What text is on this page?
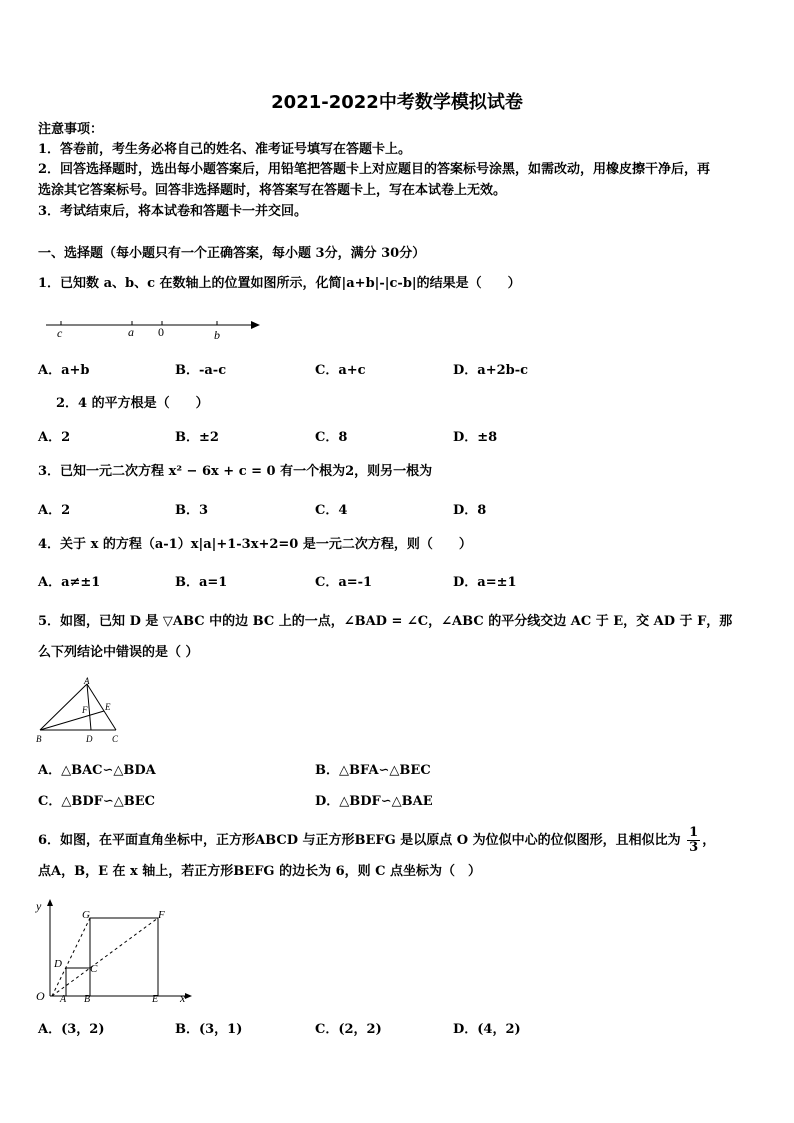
2021-2022中考数学模拟试卷
注意事项：
1．答卷前，考生务必将自己的姓名、准考证号填写在答题卡上。
2．回答选择题时，选出每小题答案后，用铅笔把答题卡上对应题目的答案标号涂黑，如需改动，用橡皮擦干净后，再
选涂其它答案标号。回答非选择题时，将答案写在答题卡上，写在本试卷上无效。
3．考试结束后，将本试卷和答题卡一并交回。
一、选择题（每小题只有一个正确答案，每小题 3分，满分 30分）
1．已知数 a、b、c 在数轴上的位置如图所示，化简|a+b|-|c-b|的结果是（　　）
c	a 0	b
A．a+b	B．-a-c	C．a+c	D．a+2b-c
2．4 的平方根是（　　）
A．2	B．±2	C．8	D．±8
3．已知一元二次方程 x² − 6x + c = 0 有一个根为2，则另一根为
A．2	B．3	C．4	D．8
4．关于 x 的方程（a-1）x|a|+1-3x+2=0 是一元二次方程，则（　　）
A．a≠±1	B．a=1	C．a=-1	D．a=±1
5．如图，已知 D 是 ▽ABC 中的边 BC 上的一点，∠BAD = ∠C，∠ABC 的平分线交边 AC 于 E，交 AD 于 F，那
么下列结论中错误的是（ ）
A
B	C
D
E
F
A．△BAC∽△BDA	B．△BFA∽△BEC
C．△BDF∽△BEC	D．△BDF∽△BAE
6．如图，在平面直角坐标中，正方形ABCD 与正方形BEFG 是以原点 O 为位似中心的位似图形，且相似比为 $\frac{1}{3}$ ，
点A，B，E 在 x 轴上，若正方形BEFG 的边长为 6，则 C 点坐标为（　）
y
x
O A B	E
G	F
D	C
A．(3，2)	B．(3，1)	C．(2，2)	D．(4，2)
